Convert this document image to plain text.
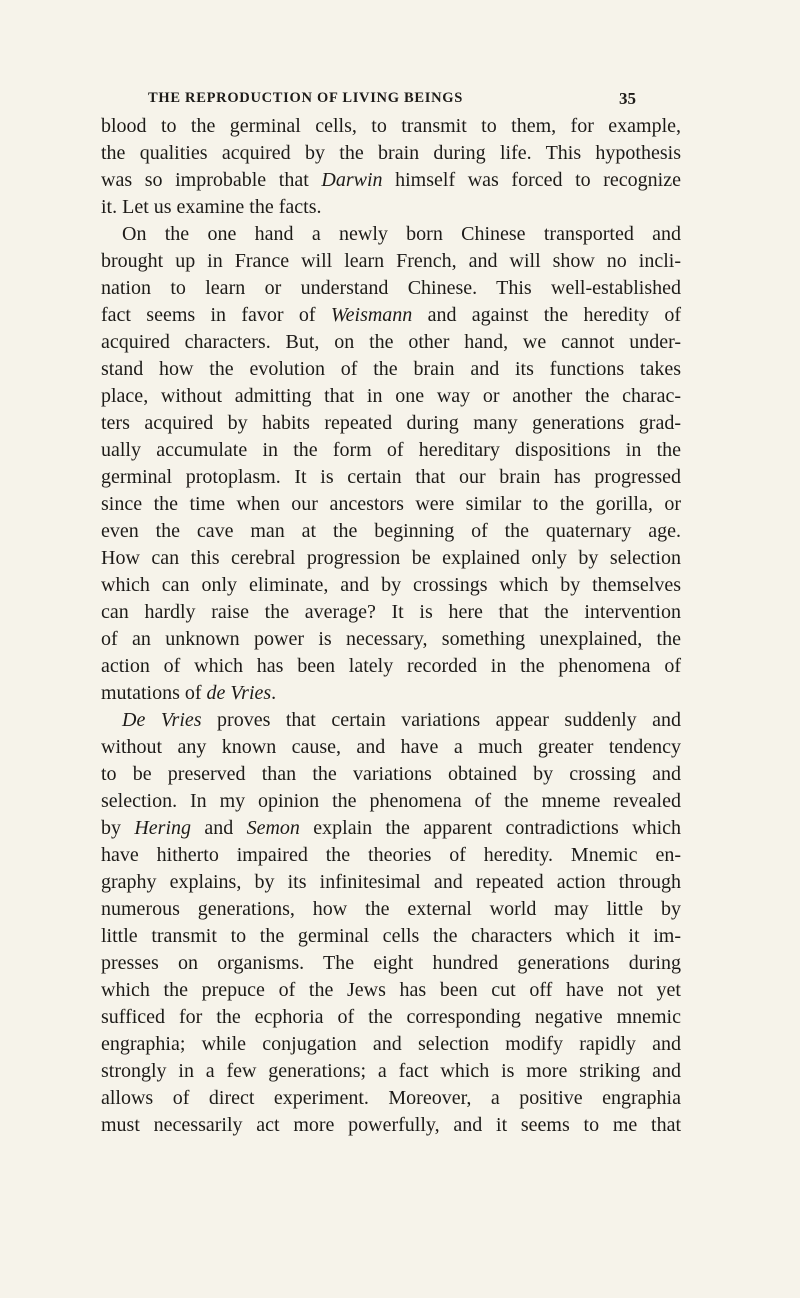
THE REPRODUCTION OF LIVING BEINGS	35
blood to the germinal cells, to transmit to them, for example,
the qualities acquired by the brain during life. This hypothesis
was so improbable that Darwin himself was forced to recognize
it. Let us examine the facts.
On the one hand a newly born Chinese transported and
brought up in France will learn French, and will show no incli-
nation to learn or understand Chinese. This well-established
fact seems in favor of Weismann and against the heredity of
acquired characters. But, on the other hand, we cannot under-
stand how the evolution of the brain and its functions takes
place, without admitting that in one way or another the charac-
ters acquired by habits repeated during many generations grad-
ually accumulate in the form of hereditary dispositions in the
germinal protoplasm. It is certain that our brain has progressed
since the time when our ancestors were similar to the gorilla, or
even the cave man at the beginning of the quaternary age.
How can this cerebral progression be explained only by selection
which can only eliminate, and by crossings which by themselves
can hardly raise the average? It is here that the intervention
of an unknown power is necessary, something unexplained, the
action of which has been lately recorded in the phenomena of
mutations of de Vries.
De Vries proves that certain variations appear suddenly and
without any known cause, and have a much greater tendency
to be preserved than the variations obtained by crossing and
selection. In my opinion the phenomena of the mneme revealed
by Hering and Semon explain the apparent contradictions which
have hitherto impaired the theories of heredity. Mnemic en-
graphy explains, by its infinitesimal and repeated action through
numerous generations, how the external world may little by
little transmit to the germinal cells the characters which it im-
presses on organisms. The eight hundred generations during
which the prepuce of the Jews has been cut off have not yet
sufficed for the ecphoria of the corresponding negative mnemic
engraphia; while conjugation and selection modify rapidly and
strongly in a few generations; a fact which is more striking and
allows of direct experiment. Moreover, a positive engraphia
must necessarily act more powerfully, and it seems to me that
